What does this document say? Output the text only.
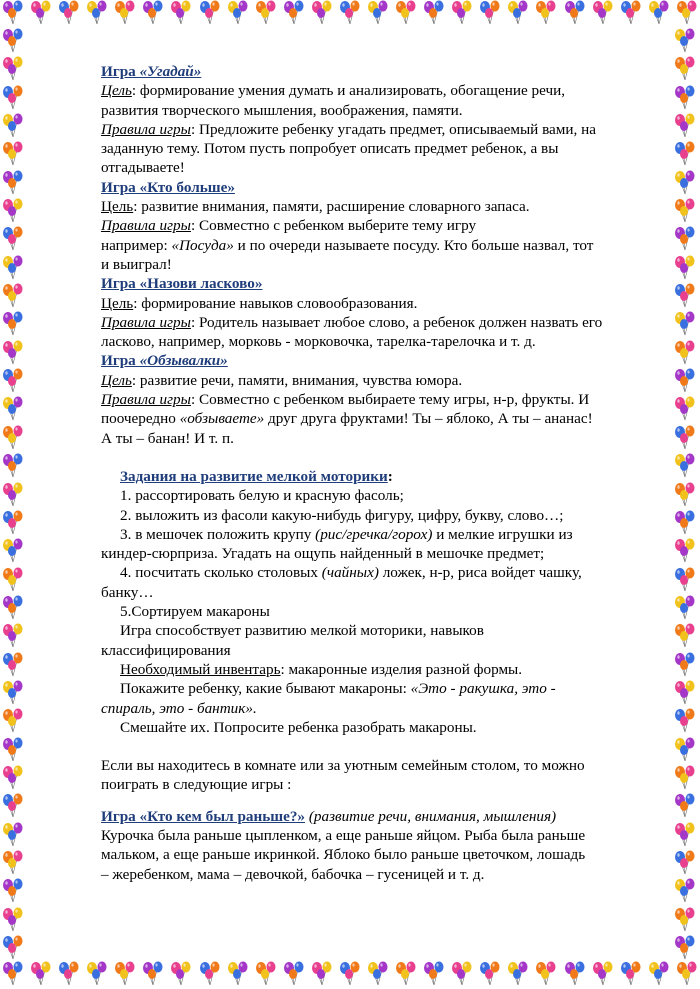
Игра «Угадай»
Цель: формирование умения думать и анализировать, обогащение речи,
развития творческого мышления, воображения, памяти.
Правила игры: Предложите ребенку угадать предмет, описываемый вами, на
заданную тему. Потом пусть попробует описать предмет ребенок, а вы
отгадываете!
Игра «Кто больше»
Цель: развитие внимания, памяти, расширение словарного запаса.
Правила игры: Совместно с ребенком выберите тему игру
например: «Посуда» и по очереди называете посуду. Кто больше назвал, тот
и выиграл!
Игра «Назови ласково»
Цель: формирование навыков словообразования.
Правила игры: Родитель называет любое слово, а ребенок должен назвать его
ласково, например, морковь - морковочка, тарелка-тарелочка и т. д.
Игра «Обзывалки»
Цель: развитие речи, памяти, внимания, чувства юмора.
Правила игры: Совместно с ребенком выбираете тему игры, н-р, фрукты. И
поочередно «обзываете» друг друга фруктами! Ты – яблоко, А ты – ананас!
А ты – банан! И т. п.
Задания на развитие мелкой моторики:
1. рассортировать белую и красную фасоль;
2. выложить из фасоли какую-нибудь фигуру, цифру, букву, слово…;
3. в мешочек положить крупу (рис/гречка/горох) и мелкие игрушки из
киндер-сюрприза. Угадать на ощупь найденный в мешочке предмет;
4. посчитать сколько столовых (чайных) ложек, н-р, риса войдет чашку,
банку…
5.Сортируем макароны
Игра способствует развитию мелкой моторики, навыков
классифицирования
Необходимый инвентарь: макаронные изделия разной формы.
Покажите ребенку, какие бывают макароны: «Это - ракушка, это -
спираль, это - бантик».
Смешайте их. Попросите ребенка разобрать макароны.
Если вы находитесь в комнате или за уютным семейным столом, то можно
поиграть в следующие игры :
Игра «Кто кем был раньше?» (развитие речи, внимания, мышления)
Курочка была раньше цыпленком, а еще раньше яйцом. Рыба была раньше
мальком, а еще раньше икринкой. Яблоко было раньше цветочком, лошадь
– жеребенком, мама – девочкой, бабочка – гусеницей и т. д.
